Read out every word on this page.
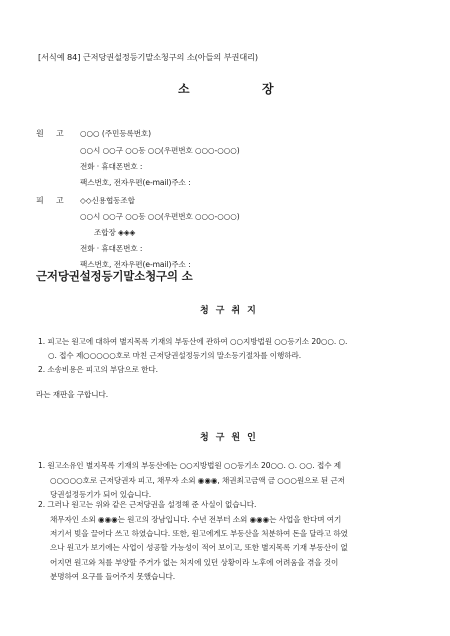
[서식예 84] 근저당권설정등기말소청구의 소(아들의 부권대리)
소	장
원 고 ○○○ (주민등록번호)
○○시 ○○구 ○○동 ○○(우편번호 ○○○-○○○)
전화 · 휴대폰번호 :
팩스번호, 전자우편(e-mail)주소 :
피 고 ◇◇신용협동조합
○○시 ○○구 ○○동 ○○(우편번호 ○○○-○○○)
조합장 ◈◈◈
전화 · 휴대폰번호 :
팩스번호, 전자우편(e-mail)주소 :
근저당권설정등기말소청구의 소
청구취지
1. 피고는 원고에 대하여 별지목록 기재의 부동산에 관하여 ○○지방법원 ○○등기소 20○○. ○.
○. 접수 제○○○○○호로 마친 근저당권설정등기의 말소등기절차를 이행하라.
2. 소송비용은 피고의 부담으로 한다.
라는 재판을 구합니다.
청구원인
1. 원고소유인 별지목록 기재의 부동산에는 ○○지방법원 ○○등기소 20○○. ○. ○○. 접수 제
○○○○○호로 근저당권자 피고, 채무자 소외 ◉◉◉, 채권최고금액 금 ○○○원으로 된 근저
당권설정등기가 되어 있습니다.
2. 그러나 원고는 위와 같은 근저당권을 설정해 준 사실이 없습니다.
채무자인 소외 ◉◉◉는 원고의 장남입니다. 수년 전부터 소외 ◉◉◉는 사업을 한다며 여기
저기서 빚을 끌어다 쓰고 하였습니다. 또한, 원고에게도 부동산을 처분하여 돈을 달라고 하였
으나 원고가 보기에는 사업이 성공할 가능성이 적어 보이고, 또한 별지목록 기재 부동산이 없
어지면 원고와 처를 부양할 주거가 없는 처지에 있던 상황이라 노후에 어려움을 겪을 것이
분명하여 요구를 들어주지 못했습니다.
